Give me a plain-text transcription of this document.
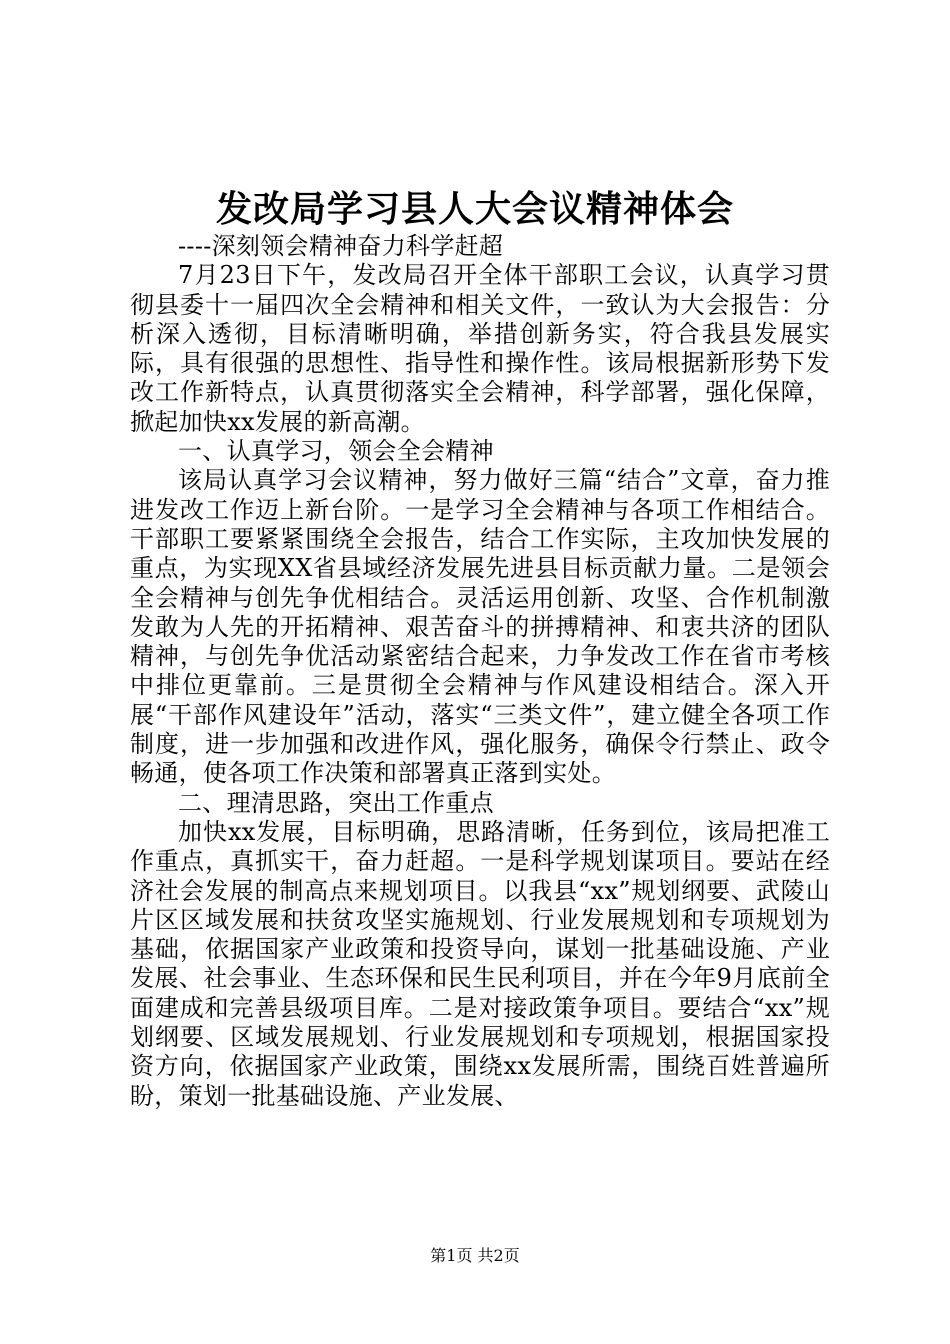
发改局学习县人大会议精神体会

----深刻领会精神奋力科学赶超

7月23日下午，发改局召开全体干部职工会议，认真学习贯彻县委十一届四次全会精神和相关文件，一致认为大会报告：分析深入透彻，目标清晰明确，举措创新务实，符合我县发展实际，具有很强的思想性、指导性和操作性。该局根据新形势下发改工作新特点，认真贯彻落实全会精神，科学部署，强化保障，掀起加快xx发展的新高潮。

一、认真学习，领会全会精神

该局认真学习会议精神，努力做好三篇“结合”文章，奋力推进发改工作迈上新台阶。一是学习全会精神与各项工作相结合。干部职工要紧紧围绕全会报告，结合工作实际，主攻加快发展的重点，为实现XX省县域经济发展先进县目标贡献力量。二是领会全会精神与创先争优相结合。灵活运用创新、攻坚、合作机制激发敢为人先的开拓精神、艰苦奋斗的拼搏精神、和衷共济的团队精神，与创先争优活动紧密结合起来，力争发改工作在省市考核中排位更靠前。三是贯彻全会精神与作风建设相结合。深入开展“干部作风建设年”活动，落实“三类文件”，建立健全各项工作制度，进一步加强和改进作风，强化服务，确保令行禁止、政令畅通，使各项工作决策和部署真正落到实处。

二、理清思路，突出工作重点

加快xx发展，目标明确，思路清晰，任务到位，该局把准工作重点，真抓实干，奋力赶超。一是科学规划谋项目。要站在经济社会发展的制高点来规划项目。以我县“xx”规划纲要、武陵山片区区域发展和扶贫攻坚实施规划、行业发展规划和专项规划为基础，依据国家产业政策和投资导向，谋划一批基础设施、产业发展、社会事业、生态环保和民生民利项目，并在今年9月底前全面建成和完善县级项目库。二是对接政策争项目。要结合“xx”规划纲要、区域发展规划、行业发展规划和专项规划，根据国家投资方向，依据国家产业政策，围绕xx发展所需，围绕百姓普遍所盼，策划一批基础设施、产业发展、

第1页 共2页
